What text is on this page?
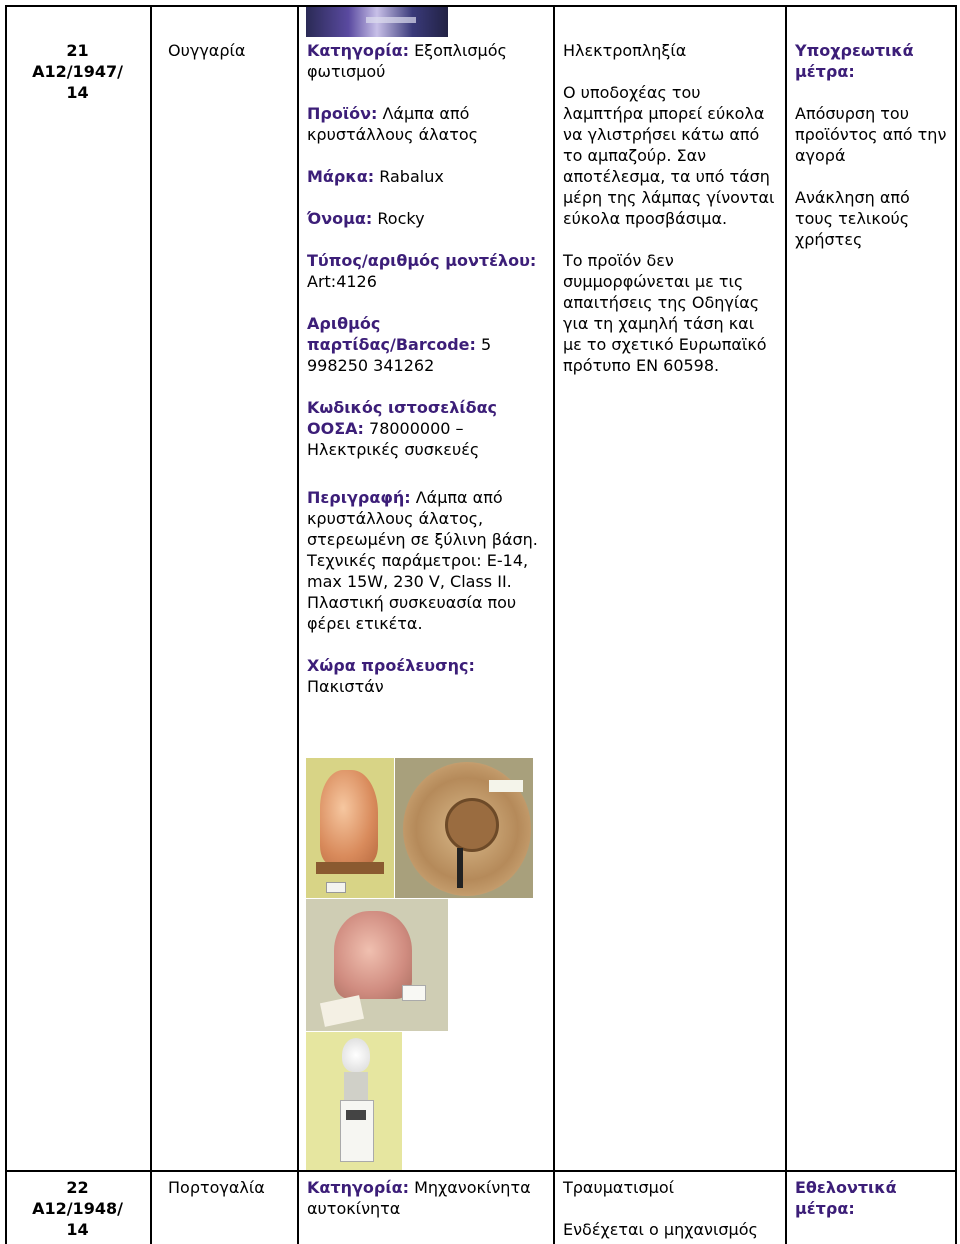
21

A12/1947/

14

Ουγγαρία	Κατηγορία: Εξοπλισμός φωτισμού

Προϊόν: Λάμπα από κρυστάλλους άλατος

Μάρκα: Rabalux

Όνομα: Rocky

Τύπος/αριθμός μοντέλου: Art:4126

Αριθμός παρτίδας/Barcode: 5 998250 341262

Κωδικός ιστοσελίδας ΟΟΣΑ: 78000000 – Ηλεκτρικές συσκευές

Περιγραφή: Λάμπα από κρυστάλλους άλατος, στερεωμένη σε ξύλινη βάση. Τεχνικές παράμετροι: E-14, max 15W, 230 V, Class II. Πλαστική συσκευασία που φέρει ετικέτα.

Χώρα προέλευσης: Πακιστάν

Ηλεκτροπληξία

Ο υποδοχέας του λαμπτήρα μπορεί εύκολα να γλιστρήσει κάτω από το αμπαζούρ. Σαν αποτέλεσμα, τα υπό τάση μέρη της λάμπας γίνονται εύκολα προσβάσιμα.

Το προϊόν δεν συμμορφώνεται με τις απαιτήσεις της Οδηγίας για τη χαμηλή τάση και με το σχετικό Ευρωπαϊκό πρότυπο EN 60598.

Υποχρεωτικά μέτρα:

Απόσυρση του προϊόντος από την αγορά

Ανάκληση από τους τελικούς χρήστες

22

A12/1948/

14

Πορτογαλία	Κατηγορία: Μηχανοκίνητα αυτοκίνητα

Τραυματισμοί

Ενδέχεται ο μηχανισμός

Εθελοντικά μέτρα:
